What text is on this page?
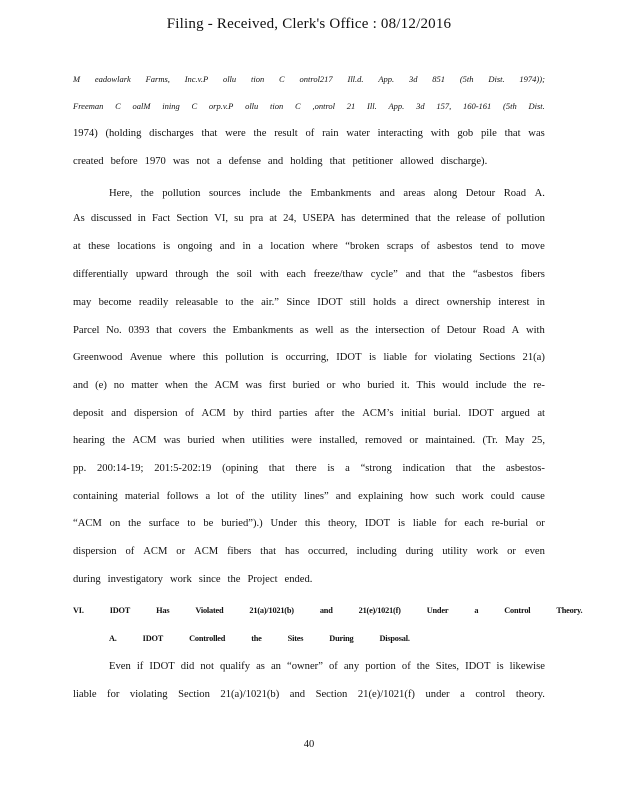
Filing - Received, Clerk's Office : 08/12/2016
M eadowlark Farms, Inc.v.P ollu tion C ontrol217 Ill.d. App. 3d 851 (5th Dist. 1974));
Freeman C oalM ining C orp.v.P ollu tion C ,ontrol 21 Ill. App. 3d 157, 160-161 (5th Dist.
1974) (holding discharges that were the result of rain water interacting with gob pile that was
created before 1970 was not a defense and holding that petitioner allowed discharge).
Here, the pollution sources include the Embankments and areas along Detour Road A.
As discussed in Fact Section VI, su pra at 24, USEPA has determined that the release of pollution
at these locations is ongoing and in a location where “broken scraps of asbestos tend to move
differentially upward through the soil with each freeze/thaw cycle” and that the “asbestos fibers
may become readily releasable to the air.” Since IDOT still holds a direct ownership interest in
Parcel No. 0393 that covers the Embankments as well as the intersection of Detour Road A with
Greenwood Avenue where this pollution is occurring, IDOT is liable for violating Sections 21(a)
and (e) no matter when the ACM was first buried or who buried it. This would include the re-
deposit and dispersion of ACM by third parties after the ACM’s initial burial. IDOT argued at
hearing the ACM was buried when utilities were installed, removed or maintained. (Tr. May 25,
pp. 200:14-19; 201:5-202:19 (opining that there is a “strong indication that the asbestos-
containing material follows a lot of the utility lines” and explaining how such work could cause
“ACM on the surface to be buried”).) Under this theory, IDOT is liable for each re-burial or
dispersion of ACM or ACM fibers that has occurred, including during utility work or even
during investigatory work since the Project ended.
VI.	IDOT	Has	Violated	21(a)/1021(b)	and	21(e)/1021(f)	Under	a	Control	Theory.
A.	IDOT	Controlled	the	Sites	During	Disposal.
Even if IDOT did not qualify as an “owner” of any portion of the Sites, IDOT is likewise
liable for violating Section 21(a)/1021(b) and Section 21(e)/1021(f) under a control theory.
40
